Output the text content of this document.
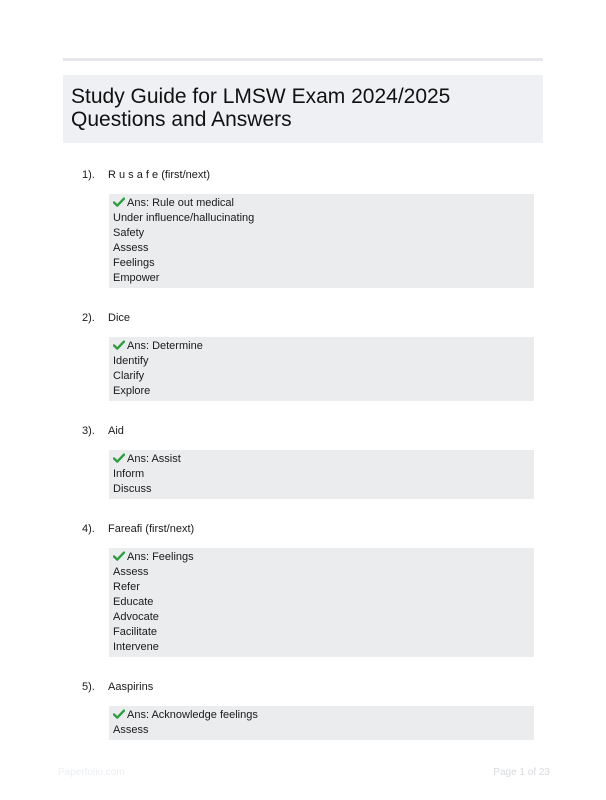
Study Guide for LMSW Exam 2024/2025 Questions and Answers
1). R u s a f e (first/next)
Ans: Rule out medical
Under influence/hallucinating
Safety
Assess
Feelings
Empower
2). Dice
Ans: Determine
Identify
Clarify
Explore
3). Aid
Ans: Assist
Inform
Discuss
4). Fareafi (first/next)
Ans: Feelings
Assess
Refer
Educate
Advocate
Facilitate
Intervene
5). Aaspirins
Ans: Acknowledge feelings
Assess
Paperfolio.com	Page 1 of 23
